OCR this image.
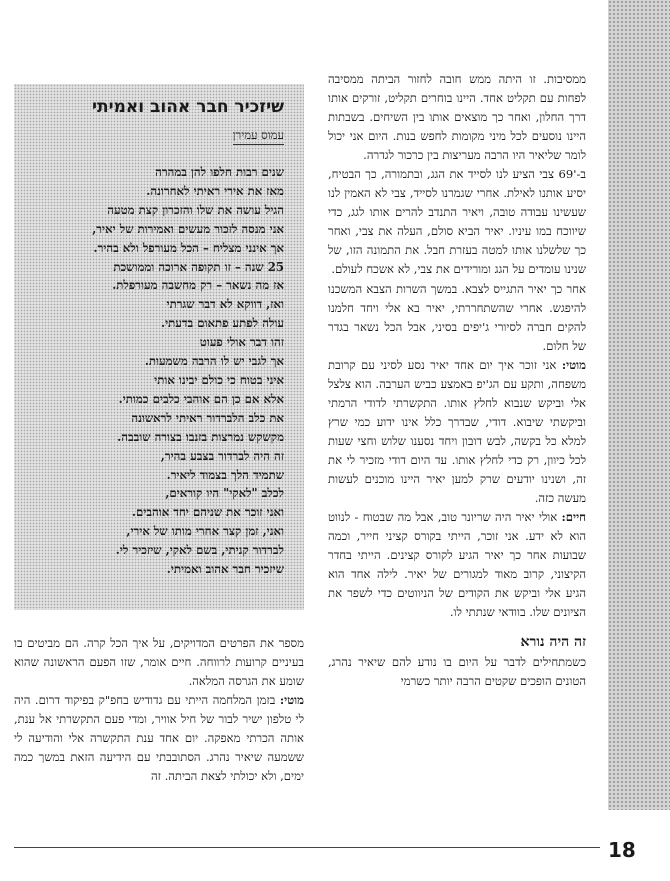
ממסיבות. זו היתה ממש חובה לחזור הביתה ממסיבה לפחות עם תקליט אחד. היינו בוחרים תקליט, זורקים אותו דרך החלון, ואחר כך מוצאים אותו בין השיחים. בשבתות היינו נוסעים לכל מיני מקומות לחפש בנות. היום אני יכול לומר שליאיר היו הרבה מעריצות בין כרכור לגדרה.

ב-'69 צבי הציע לנו לסייד את הגג, ובתמורה, כך הבטיח, יסיע אותנו לאילת. אחרי שגמרנו לסייד, צבי לא האמין לנו שעשינו עבודה טובה, ויאיר התנדב להרים אותו לגג, כדי שיווכח במו עיניו. יאיר הביא סולם, העלה את צבי, ואחר כך שלשלנו אותו למטה בעזרת חבל. את התמונה הזו, של שנינו עומדים על הגג ומורידים את צבי, לא אשכח לעולם.

אחר כך יאיר התגייס לצבא. במשך השרות הצבא המשכנו להיפגש. אחרי שהשתחררתי, יאיר בא אלי ויחד חלמנו להקים חברה לסיורי ג'יפים בסיני, אבל הכל נשאר בגדר של חלום.

מוטי: אני זוכר איך יום אחד יאיר נסע לסיני עם קרובת משפחה, ותקע עם הג'יפ באמצע כביש הערבה. הוא צלצל אלי וביקש שנבוא לחלץ אותו. התקשרתי לדודי הרמתי וביקשתי שיבוא. דודי, שבדרך כלל אינו ידוע כמי שרץ למלא כל בקשה, לבש דובון ויחד נסענו שלוש וחצי שעות לכל כיוון, רק כדי לחלץ אותו. עד היום דודי מזכיר לי את זה, ושנינו יודעים שרק למען יאיר היינו מוכנים לעשות מעשה כזה.

חיים: אולי יאיר היה שריונר טוב, אבל מה שבטוח - לנווט הוא לא ידע. אני זוכר, הייתי בקורס קציני חייר, וכמה שבועות אחר כך יאיר הגיע לקורס קצינים. הייתי בחדר הקיצוני, קרוב מאוד למגורים של יאיר. לילה אחד הוא הגיע אלי וביקש את הקודים של הניווטים כדי לשפר את הציונים שלו. בוודאי שנתתי לו.

זה היה נורא

כשמתחילים לדבר על היום בו נודע להם שיאיר נהרג, הטונים הופכים שקטים הרבה יותר כשרמי

שיזכיר חבר אהוב ואמיתי

עמוס עמירן
שנים רבות חלפו להן במהרה
מאז את אירי ראיתי לאחרונה.
הגיל עושה את שלו והזכרון קצת מטעה
אני מנסה לזכור מעשים ואמירות של יאיר,
אך אינני מצליח – הכל מעורפל ולא בהיר.
25 שנה – זו תקופה ארוכה וממושכת
אז מה נשאר – רק מחשבה מעורפלת.
ואז, דווקא לא דבר שגרתי
עולה לפתע פתאום בדעתי.
זהו דבר אולי פעוט
אך לגבי יש לו הרבה משמעות.
איני בטוח כי כולם יבינו אותי
אלא אם כן הם אוהבי כלבים כמותי.
את כלב הלברדור ראיתי לראשונה
מקשקש נמרצות בזנבו בצורה שובבה.
זה היה לברדור בצבע בהיר,
שתמיד הלך בצמוד ליאיר.
לכלב "לאקי" היו קוראים,
ואני זוכר את שניהם יחד אוהבים.
ואני, זמן קצר אחרי מותו של אירי,
לברדור קניתי, בשם לאקי, שיזכיר לי.
שיזכיר חבר אהוב ואמיתי.

מספר את הפרטים המדויקים, על איך הכל קרה. הם מביטים בו בעיניים קרועות לרווחה. חיים אומר, שזו הפעם הראשונה שהוא שומע את הגרסה המלאה.

מוטי: בזמן המלחמה הייתי עם גדודיש בחפ"ק בפיקוד דרום. היה לי טלפון ישיר לבור של חיל אוויר, ומדי פעם התקשרתי אל ענת, אותה הכרתי מאפקה. יום אחד ענת התקשרה אלי והודיעה לי ששמעה שיאיר נהרג. הסתובבתי עם הידיעה הזאת במשך כמה ימים, ולא יכולתי לצאת הביתה. זה

18
